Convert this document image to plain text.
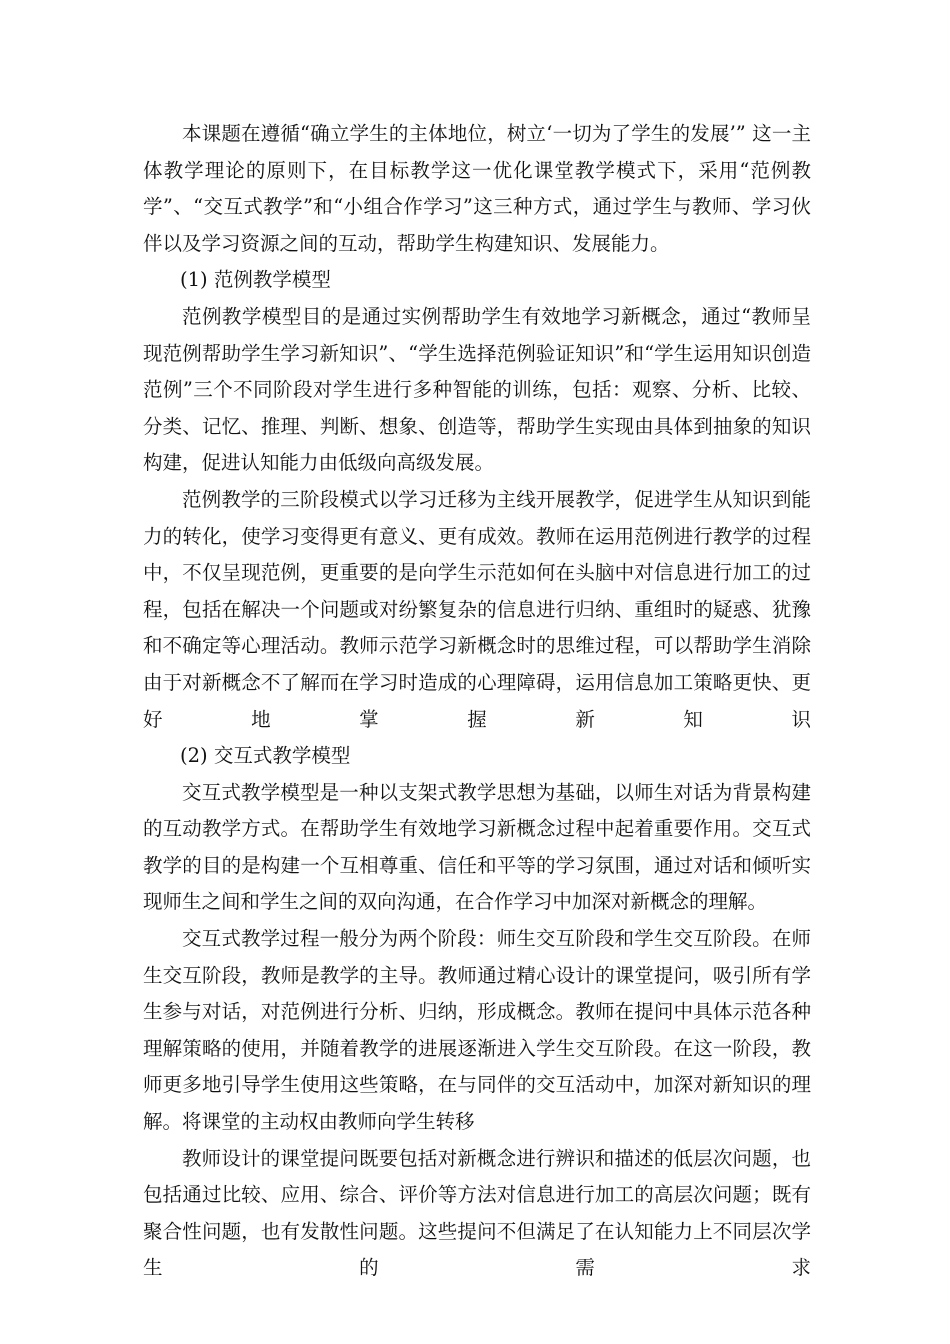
本课题在遵循“确立学生的主体地位，树立‘一切为了学生的发展’” 这一主体教学理论的原则下，在目标教学这一优化课堂教学模式下，采用“范例教学”、“交互式教学”和“小组合作学习”这三种方式，通过学生与教师、学习伙伴以及学习资源之间的互动，帮助学生构建知识、发展能力。

(1) 范例教学模型

范例教学模型目的是通过实例帮助学生有效地学习新概念，通过“教师呈现范例帮助学生学习新知识”、“学生选择范例验证知识”和“学生运用知识创造范例”三个不同阶段对学生进行多种智能的训练，包括：观察、分析、比较、分类、记忆、推理、判断、想象、创造等，帮助学生实现由具体到抽象的知识构建，促进认知能力由低级向高级发展。

范例教学的三阶段模式以学习迁移为主线开展教学，促进学生从知识到能力的转化，使学习变得更有意义、更有成效。教师在运用范例进行教学的过程中，不仅呈现范例，更重要的是向学生示范如何在头脑中对信息进行加工的过程，包括在解决一个问题或对纷繁复杂的信息进行归纳、重组时的疑惑、犹豫和不确定等心理活动。教师示范学习新概念时的思维过程，可以帮助学生消除由于对新概念不了解而在学习时造成的心理障碍，运用信息加工策略更快、更好地掌握新知识

(2) 交互式教学模型

交互式教学模型是一种以支架式教学思想为基础，以师生对话为背景构建的互动教学方式。在帮助学生有效地学习新概念过程中起着重要作用。交互式教学的目的是构建一个互相尊重、信任和平等的学习氛围，通过对话和倾听实现师生之间和学生之间的双向沟通，在合作学习中加深对新概念的理解。

交互式教学过程一般分为两个阶段：师生交互阶段和学生交互阶段。在师生交互阶段，教师是教学的主导。教师通过精心设计的课堂提问，吸引所有学生参与对话，对范例进行分析、归纳，形成概念。教师在提问中具体示范各种理解策略的使用，并随着教学的进展逐渐进入学生交互阶段。在这一阶段，教师更多地引导学生使用这些策略，在与同伴的交互活动中，加深对新知识的理解。将课堂的主动权由教师向学生转移

教师设计的课堂提问既要包括对新概念进行辨识和描述的低层次问题，也包括通过比较、应用、综合、评价等方法对信息进行加工的高层次问题；既有聚合性问题，也有发散性问题。这些提问不但满足了在认知能力上不同层次学生的需求
